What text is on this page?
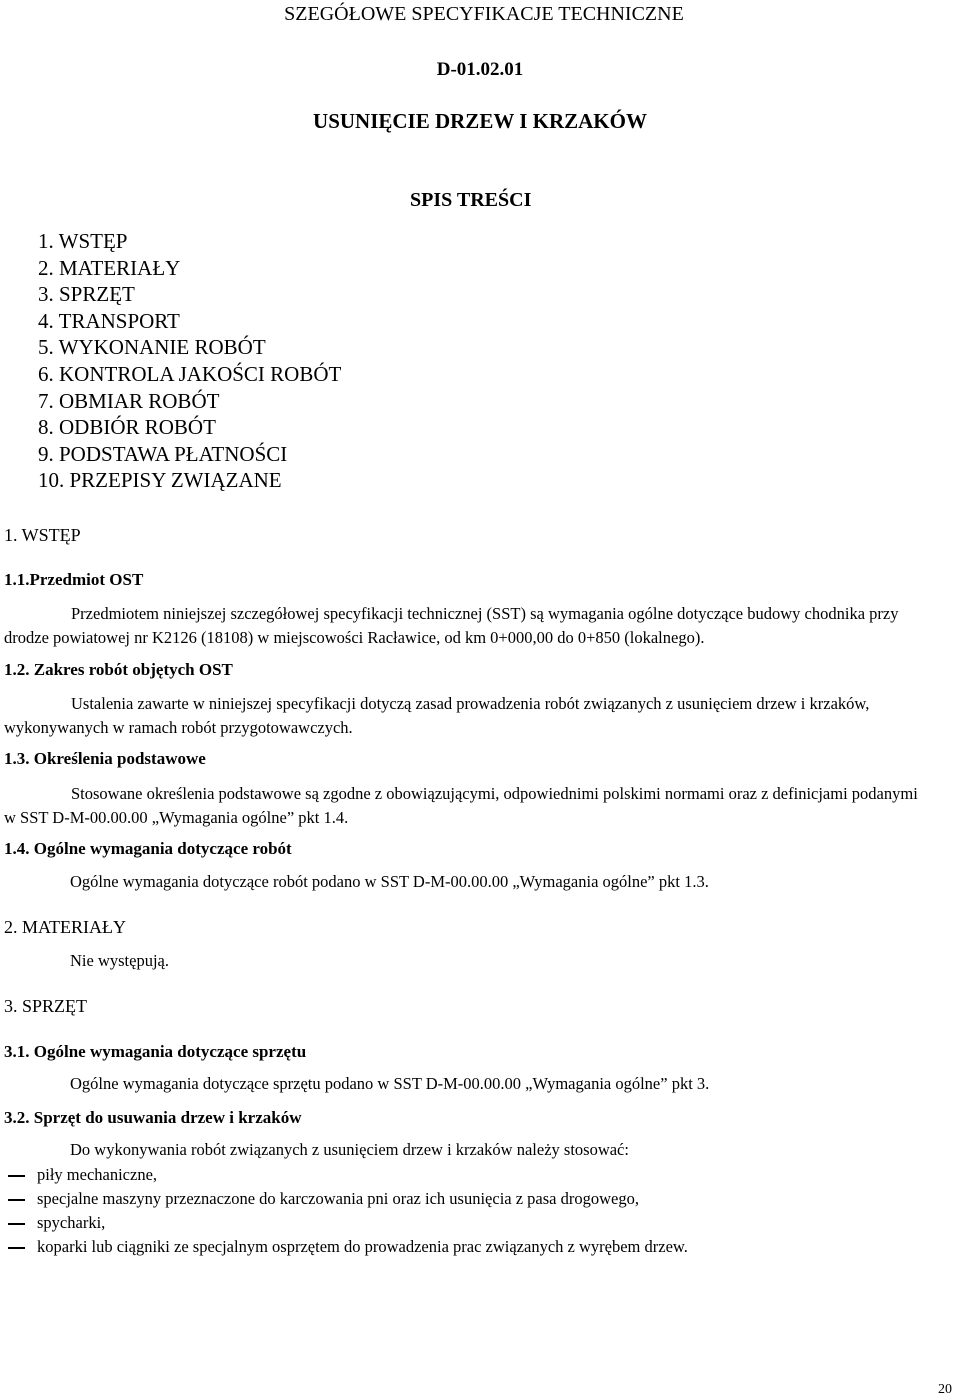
SZEGÓŁOWE SPECYFIKACJE TECHNICZNE
D-01.02.01
USUNIĘCIE DRZEW I KRZAKÓW
SPIS TREŚCI
1. WSTĘP
2. MATERIAŁY
3. SPRZĘT
4. TRANSPORT
5. WYKONANIE ROBÓT
6. KONTROLA JAKOŚCI ROBÓT
7. OBMIAR ROBÓT
8. ODBIÓR ROBÓT
9. PODSTAWA PŁATNOŚCI
10. PRZEPISY ZWIĄZANE
1. WSTĘP
1.1.Przedmiot OST
Przedmiotem niniejszej szczegółowej specyfikacji technicznej (SST) są wymagania ogólne dotyczące budowy chodnika przy drodze powiatowej nr K2126 (18108) w miejscowości Racławice, od km 0+000,00 do 0+850 (lokalnego).
1.2. Zakres robót objętych OST
Ustalenia zawarte w niniejszej specyfikacji dotyczą zasad prowadzenia robót związanych z usunięciem drzew i krzaków, wykonywanych w ramach robót przygotowawczych.
1.3. Określenia podstawowe
Stosowane określenia podstawowe są zgodne z obowiązującymi, odpowiednimi polskimi normami oraz z definicjami podanymi w SST D-M-00.00.00 „Wymagania ogólne” pkt 1.4.
1.4. Ogólne wymagania dotyczące robót
Ogólne wymagania dotyczące robót podano w SST D-M-00.00.00 „Wymagania ogólne” pkt 1.3.
2. MATERIAŁY
Nie występują.
3. SPRZĘT
3.1. Ogólne wymagania dotyczące sprzętu
Ogólne wymagania dotyczące sprzętu podano w SST D-M-00.00.00 „Wymagania ogólne” pkt 3.
3.2. Sprzęt do usuwania drzew i krzaków
Do wykonywania robót związanych z usunięciem drzew i krzaków należy stosować:
piły mechaniczne,
specjalne maszyny przeznaczone do karczowania pni oraz ich usunięcia z pasa drogowego,
spycharki,
koparki lub ciągniki ze specjalnym osprzętem do prowadzenia prac związanych z wyrębem drzew.
20
